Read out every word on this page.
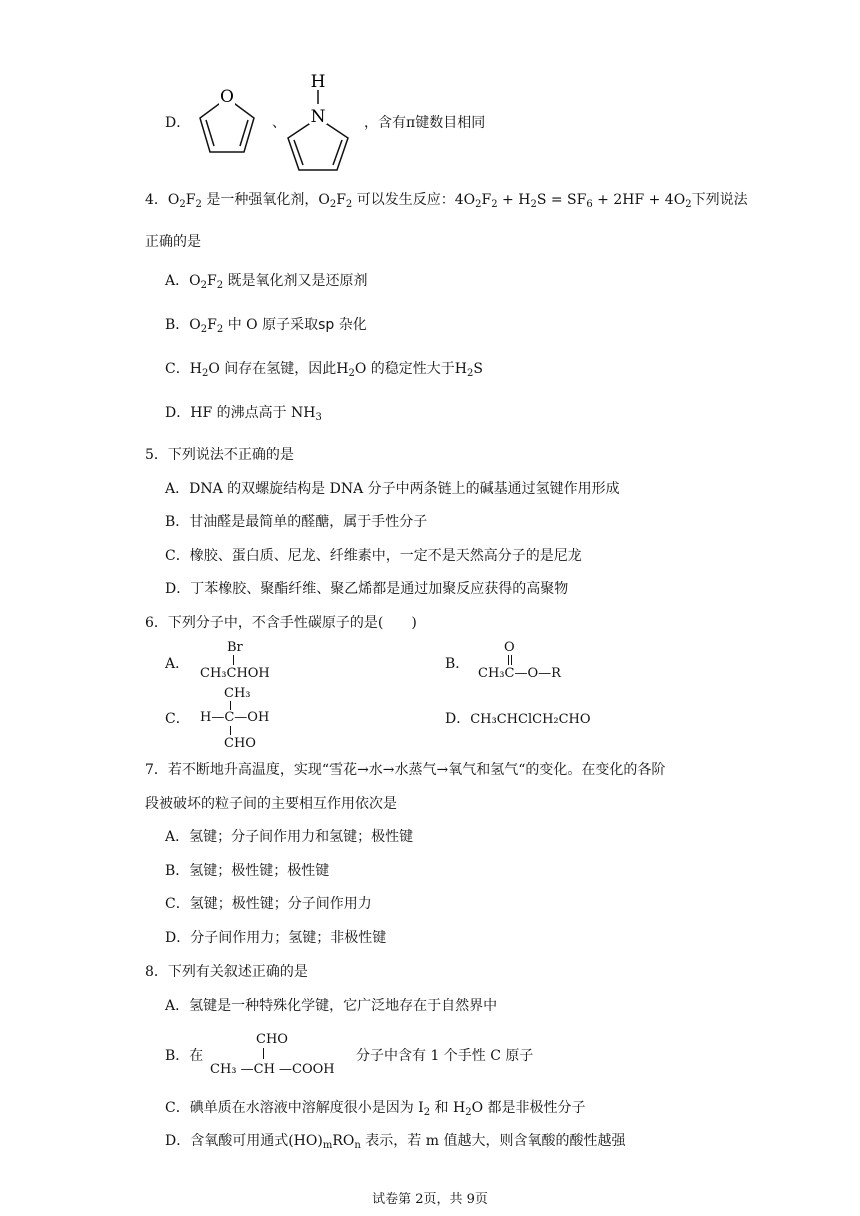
D．
O
、
H
N	，含有π键数目相同
4．$O_2F_2$ 是一种强氧化剂，$O_2F_2$ 可以发生反应：$4O_2F_2 + H_2S = SF_6 + 2HF + 4O_2$下列说法
正确的是
A．$O_2F_2$ 既是氧化剂又是还原剂
B．$O_2F_2$ 中 O 原子采取sp 杂化
C．$H_2O$ 间存在氢键，因此$H_2O$ 的稳定性大于$H_2S$
D．HF 的沸点高于 $NH_3$
5．下列说法不正确的是
A．DNA 的双螺旋结构是 DNA 分子中两条链上的碱基通过氢键作用形成
B．甘油醛是最简单的醛醣，属于手性分子
C．橡胶、蛋白质、尼龙、纤维素中，一定不是天然高分子的是尼龙
D．丁苯橡胶、聚酯纤维、聚乙烯都是通过加聚反应获得的高聚物
6．下列分子中，不含手性碳原子的是(　　)
A．
Br
CH₃CHOH
B．
O
CH₃C—O—R
CH₃
C． H—C—OH
CHO
D．CH₃CHClCH₂CHO
7．若不断地升高温度，实现“雪花→水→水蒸气→氧气和氢气“的变化。在变化的各阶
段被破坏的粒子间的主要相互作用依次是
A．氢键；分子间作用力和氢键；极性键
B．氢键；极性键；极性键
C．氢键；极性键；分子间作用力
D．分子间作用力；氢键；非极性键
8．下列有关叙述正确的是
A．氢键是一种特殊化学键，它广泛地存在于自然界中
B．在
CHO
CH₃ —CH —COOH
分子中含有 1 个手性 C 原子
C．碘单质在水溶液中溶解度很小是因为 $I_2$ 和 $H_2O$ 都是非极性分子
D．含氧酸可用通式$(HO)_mRO_n$ 表示，若 m 值越大，则含氧酸的酸性越强
试卷第 2页，共 9页
